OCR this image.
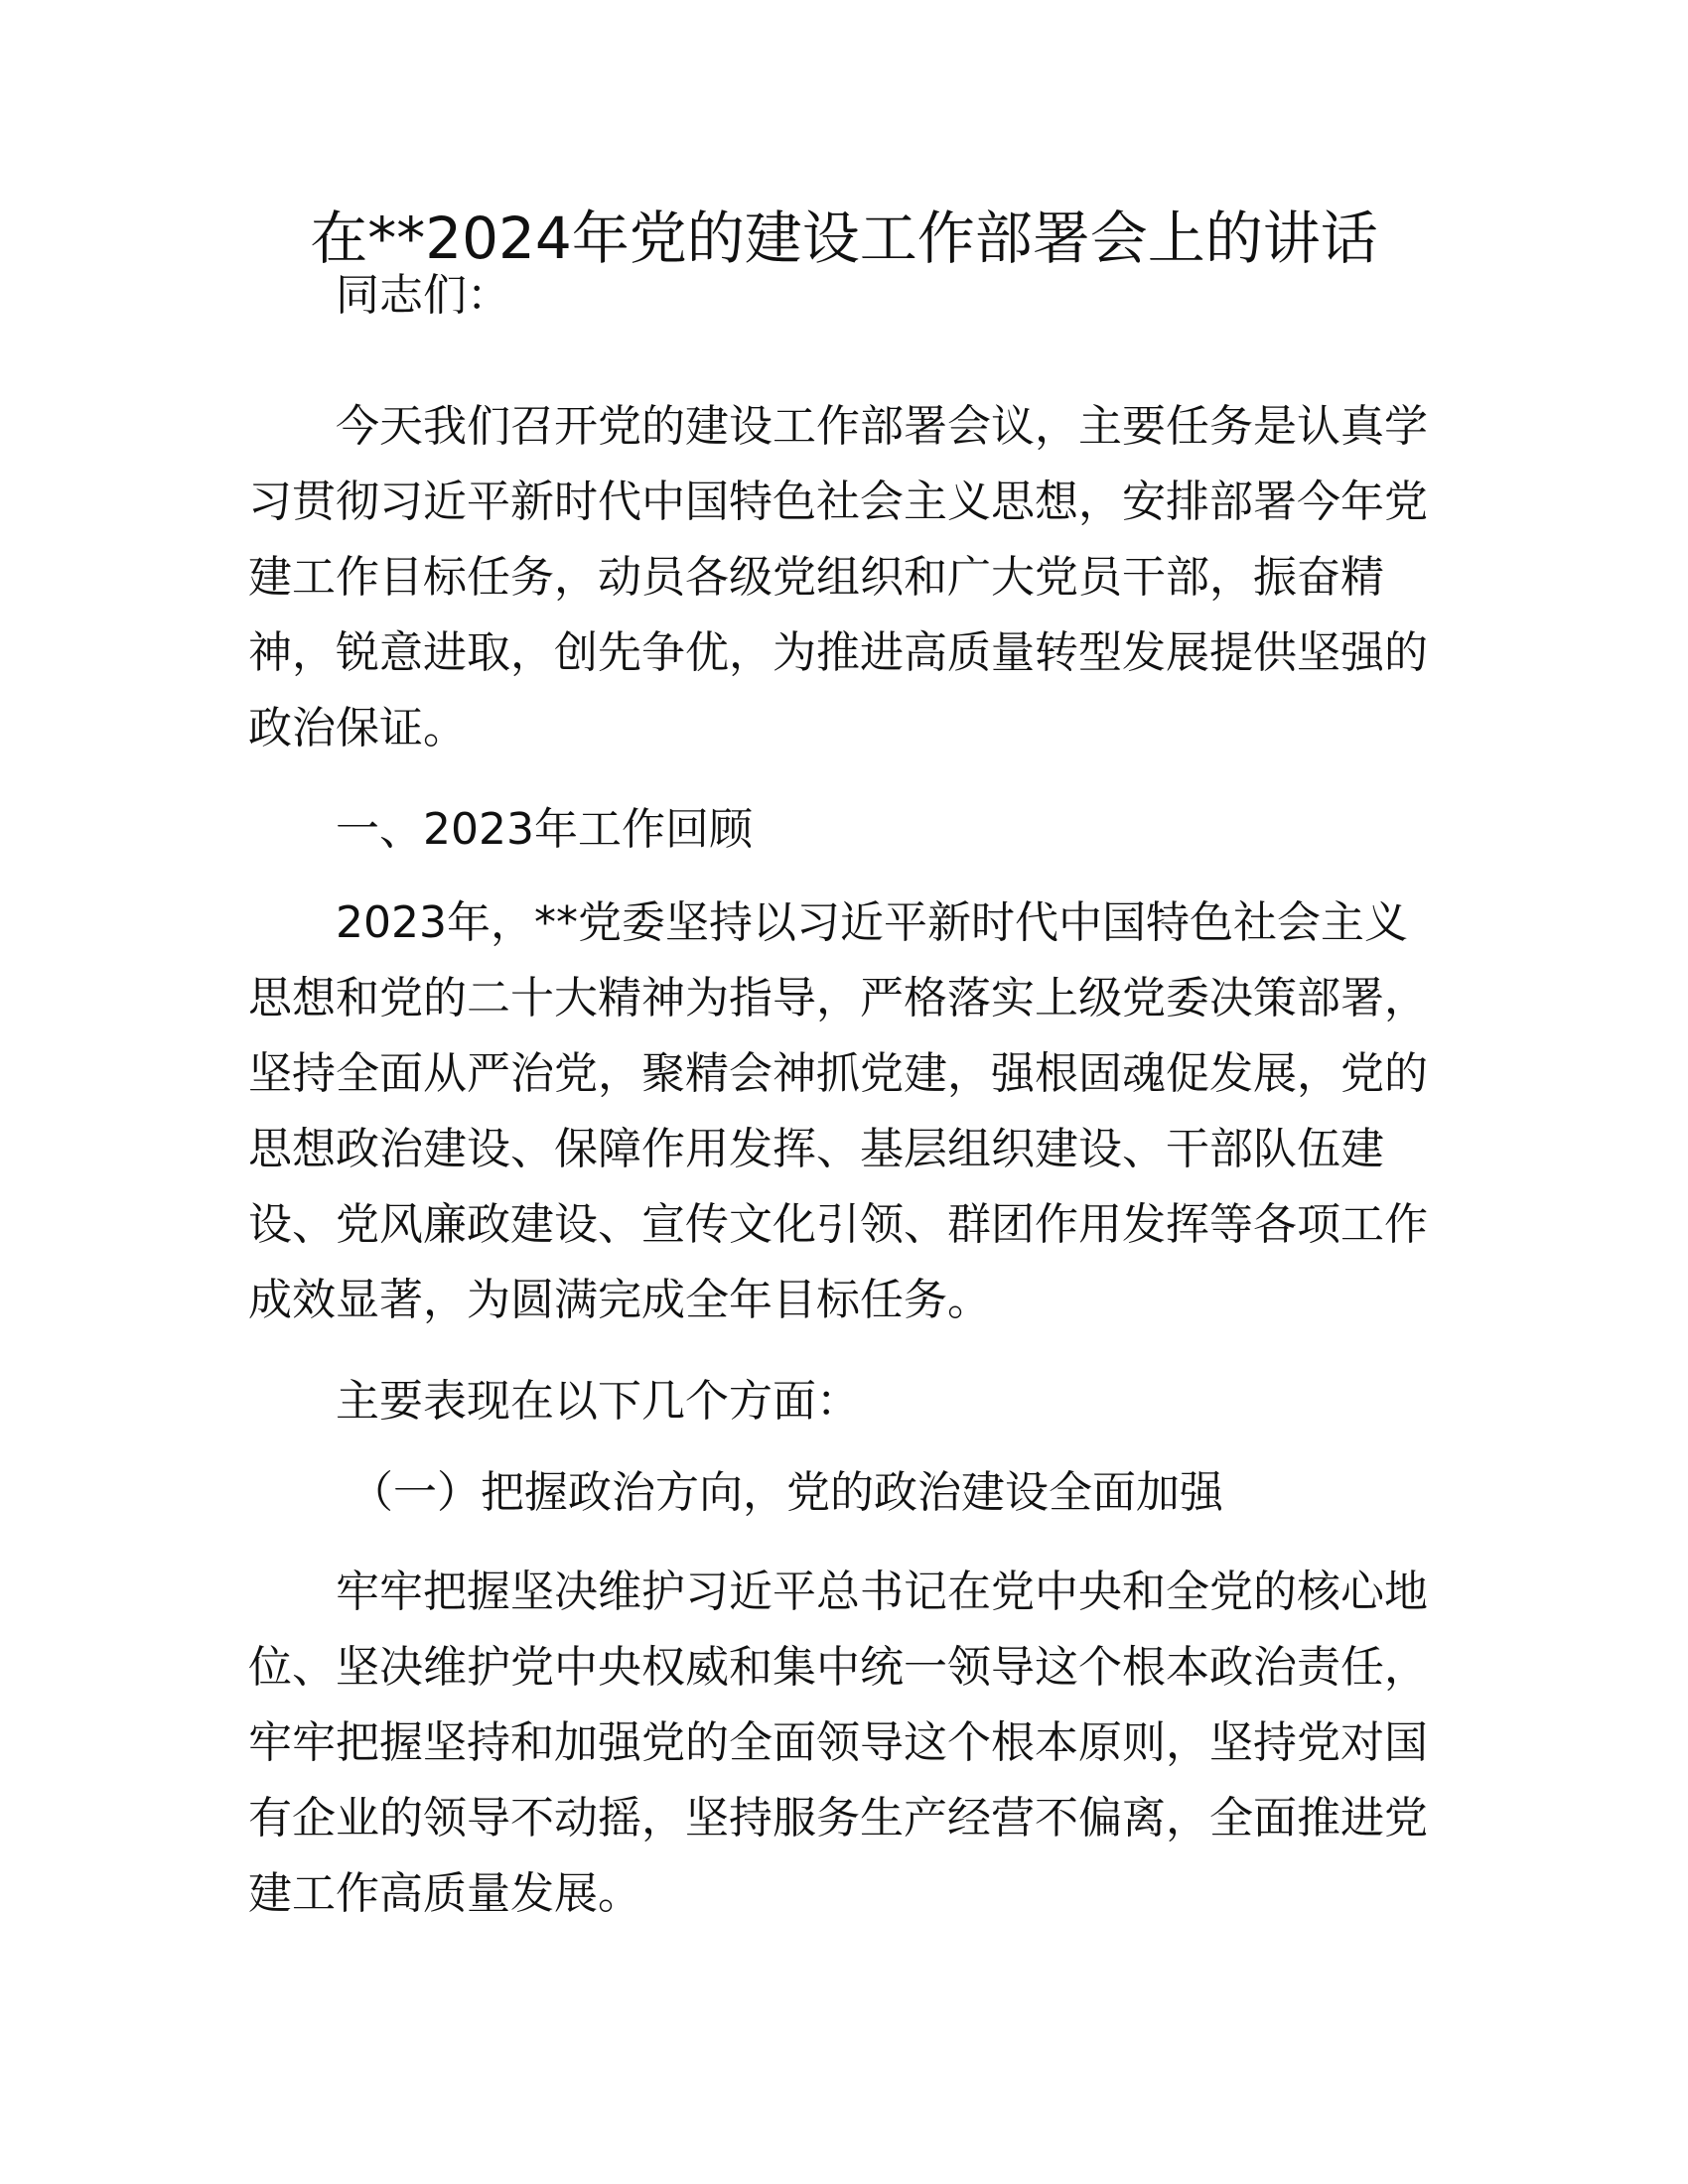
在**2024年党的建设工作部署会上的讲话
同志们：
今天我们召开党的建设工作部署会议，主要任务是认真学
习贯彻习近平新时代中国特色社会主义思想，安排部署今年党
建工作目标任务，动员各级党组织和广大党员干部，振奋精
神，锐意进取，创先争优，为推进高质量转型发展提供坚强的
政治保证。
一、2023年工作回顾
2023年，**党委坚持以习近平新时代中国特色社会主义
思想和党的二十大精神为指导，严格落实上级党委决策部署，
坚持全面从严治党，聚精会神抓党建，强根固魂促发展，党的
思想政治建设、保障作用发挥、基层组织建设、干部队伍建
设、党风廉政建设、宣传文化引领、群团作用发挥等各项工作
成效显著，为圆满完成全年目标任务。
主要表现在以下几个方面：
（一）把握政治方向，党的政治建设全面加强
牢牢把握坚决维护习近平总书记在党中央和全党的核心地
位、坚决维护党中央权威和集中统一领导这个根本政治责任，
牢牢把握坚持和加强党的全面领导这个根本原则，坚持党对国
有企业的领导不动摇，坚持服务生产经营不偏离，全面推进党
建工作高质量发展。
